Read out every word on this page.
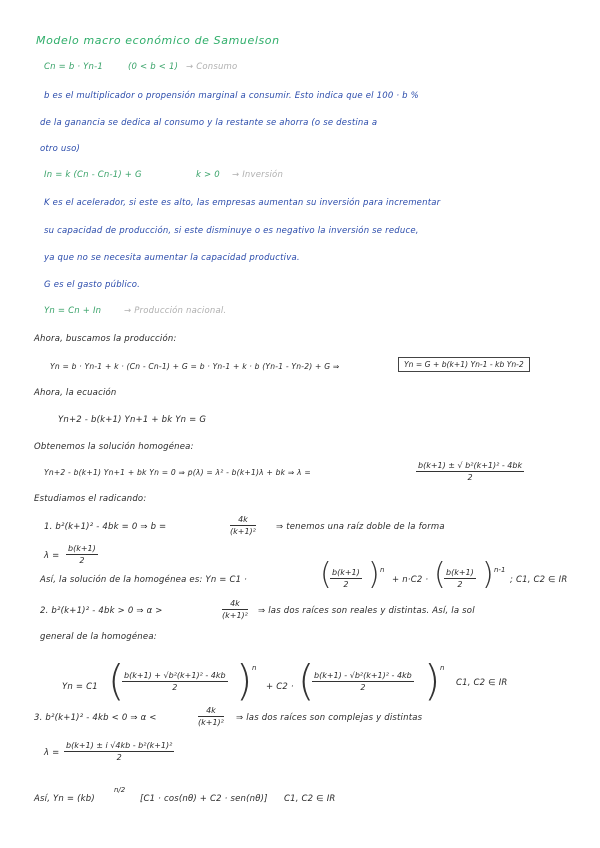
Modelo macro económico de Samuelson
Cn = b · Yn-1	(0 < b < 1) → Consumo
b es el multiplicador o propensión marginal a consumir. Esto indica que el 100 · b %
de la ganancia se dedica al consumo y la restante se ahorra (o se destina a
otro uso)
In = k (Cn - Cn-1) + G	k > 0 → Inversión
K es el acelerador, si este es alto, las empresas aumentan su inversión para incrementar
su capacidad de producción, si este disminuye o es negativo la inversión se reduce,
ya que no se necesita aumentar la capacidad productiva.
G es el gasto público.
Yn = Cn + In	→ Producción nacional.
Ahora, buscamos la producción:
Yn = b · Yn-1 + k · (Cn - Cn-1) + G = b · Yn-1 + k · b (Yn-1 - Yn-2) + G ⇒	Yn = G + b(k+1) Yn-1 - kb Yn-2
Ahora, la ecuación
Yn+2 - b(k+1) Yn+1 + bk Yn = G
Obtenemos la solución homogénea:
Yn+2 - b(k+1) Yn+1 + bk Yn = 0 ⇒ p(λ) = λ² - b(k+1)λ + bk ⇒ λ =	$\frac{\text{b(k+1) ± √ b²(k+1)² - 4bk}}{2}$
Estudiamos el radicando:
1. b²(k+1)² - 4bk = 0 ⇒ b =	$\frac{4k}{\text{(k+1)²}}$ ⇒ tenemos una raíz doble de la forma
$\lambda = \frac{b(k+1)}{2}$
Así, la solución de la homogénea es: Yn = C1 · (
$\frac{b(k+1)}{2}$ ) n
+ n·C2 · (
$\frac{b(k+1)}{2}$ ) n-1
; C1, C2 ∈ IR
2. b²(k+1)² - 4bk > 0 ⇒ α >	$\frac{4k}{\text{(k+1)²}}$ ⇒ las dos raíces son reales y distintas. Así, la sol
general de la homogénea:
Yn = C1 (
$\frac{\text{b(k+1) + √b²(k+1)² - 4kb}}{2}$ ) n
+ C2 · (
$\frac{\text{b(k+1) - √b²(k+1)² - 4kb}}{2}$ ) n
C1, C2 ∈ IR
3. b²(k+1)² - 4kb < 0 ⇒ α <	$\frac{4k}{\text{(k+1)²}}$ ⇒ las dos raíces son complejas y distintas
$\lambda = \frac{\text{b(k+1) ± i √4kb - b²(k+1)²}}{2}$
Así, Yn = (kb)
n/2
[C1 · cos(nθ) + C2 · sen(nθ)] C1, C2 ∈ IR
